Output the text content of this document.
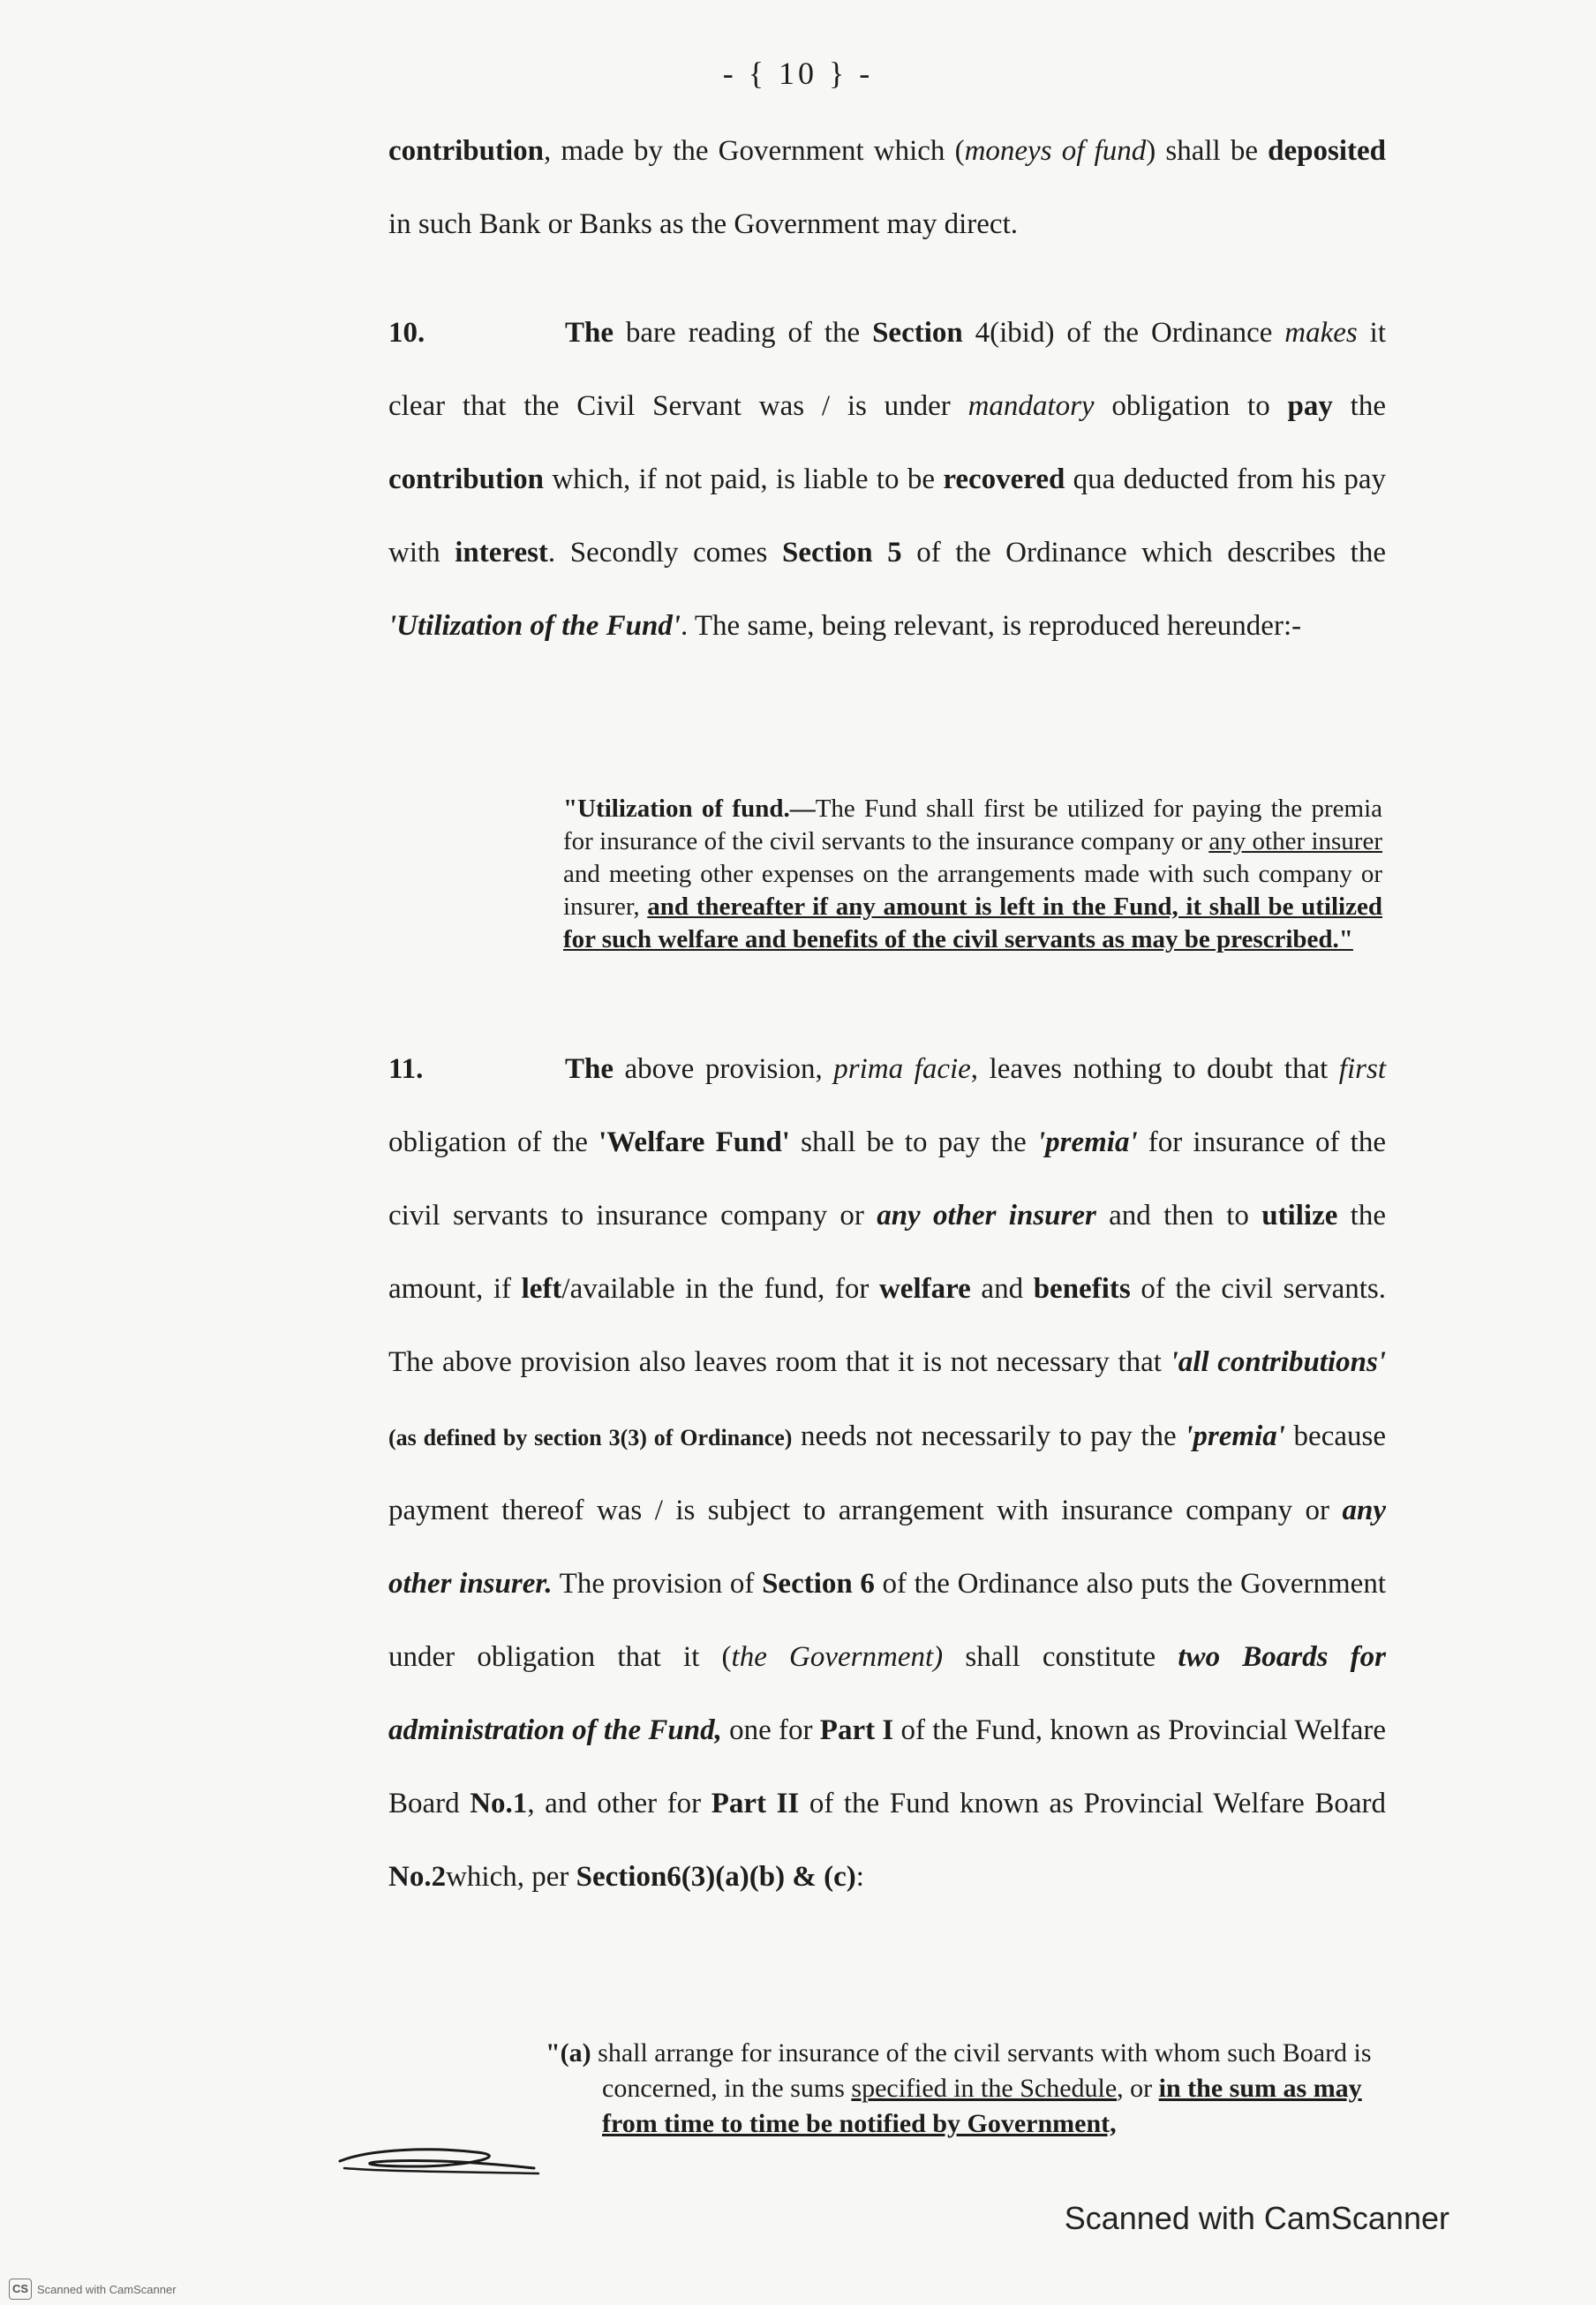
- { 10 } -

contribution, made by the Government which (moneys of fund) shall be deposited in such Bank or Banks as the Government may direct.

10.	The bare reading of the Section 4(ibid) of the Ordinance makes it clear that the Civil Servant was / is under mandatory obligation to pay the contribution which, if not paid, is liable to be recovered qua deducted from his pay with interest. Secondly comes Section 5 of the Ordinance which describes the 'Utilization of the Fund'. The same, being relevant, is reproduced hereunder:-

"Utilization of fund.—The Fund shall first be utilized for paying the premia for insurance of the civil servants to the insurance company or any other insurer and meeting other expenses on the arrangements made with such company or insurer, and thereafter if any amount is left in the Fund, it shall be utilized for such welfare and benefits of the civil servants as may be prescribed."

11.	The above provision, prima facie, leaves nothing to doubt that first obligation of the 'Welfare Fund' shall be to pay the 'premia' for insurance of the civil servants to insurance company or any other insurer and then to utilize the amount, if left/available in the fund, for welfare and benefits of the civil servants. The above provision also leaves room that it is not necessary that 'all contributions' (as defined by section 3(3) of Ordinance) needs not necessarily to pay the 'premia' because payment thereof was / is subject to arrangement with insurance company or any other insurer. The provision of Section 6 of the Ordinance also puts the Government under obligation that it (the Government) shall constitute two Boards for administration of the Fund, one for Part I of the Fund, known as Provincial Welfare Board No.1, and other for Part II of the Fund known as Provincial Welfare Board No.2which, per Section6(3)(a)(b) & (c):

"(a) shall arrange for insurance of the civil servants with whom such Board is concerned, in the sums specified in the Schedule, or in the sum as may from time to time be notified by Government,
Scanned with CamScanner
CS Scanned with CamScanner
